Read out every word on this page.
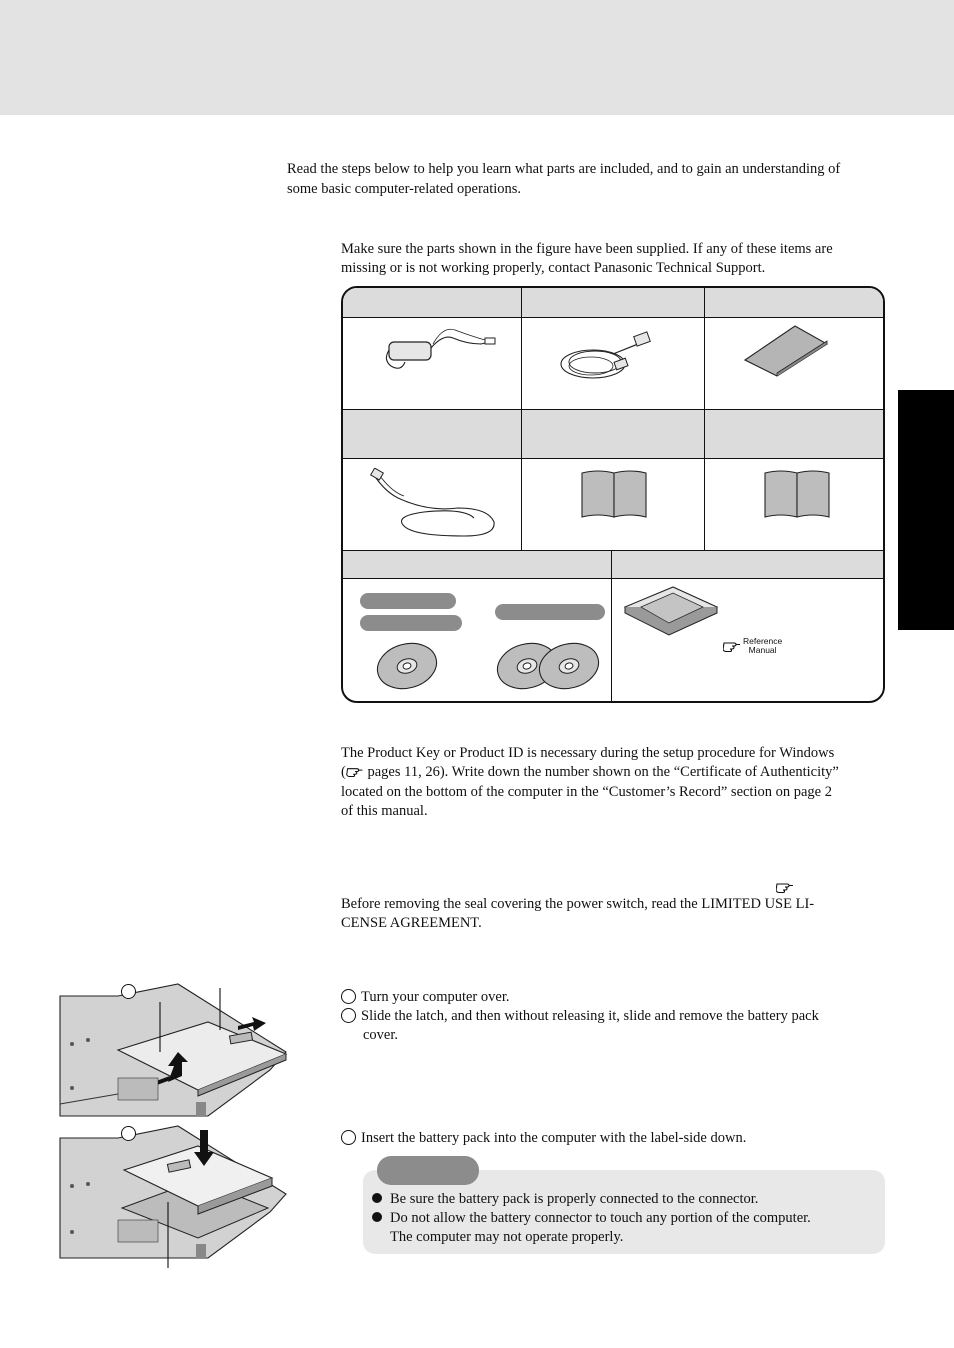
Read the steps below to help you learn what parts are included, and to gain an understanding of
some basic computer-related operations.
Make sure the parts shown in the figure have been supplied. If any of these items are
missing or is not working properly, contact Panasonic Technical Support.
Reference
Manual
The Product Key or Product ID is necessary during the setup procedure for Windows
( pages 11, 26). Write down the number shown on the “Certificate of Authenticity”
located on the bottom of the computer in the “Customer’s Record” section on page 2
of this manual.
Before removing the seal covering the power switch, read the LIMITED USE LI-
CENSE AGREEMENT.
Turn your computer over.
Slide the latch, and then without releasing it, slide and remove the battery pack
cover.
Insert the battery pack into the computer with the label-side down.
Be sure the battery pack is properly connected to the connector.
Do not allow the battery connector to touch any portion of the computer.
The computer may not operate properly.
